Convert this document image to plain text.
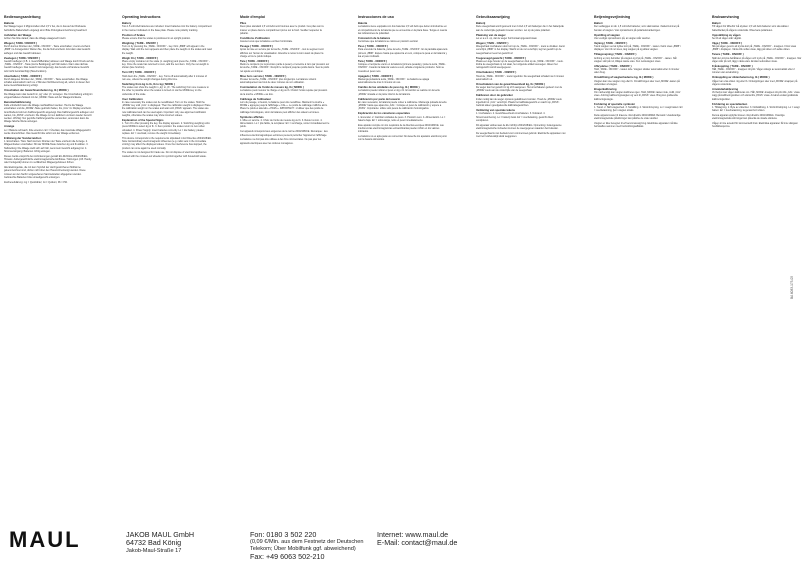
Bedienungsanleitung
Batterie
Der Waage liegen 2 Mignonzellen AAA 1,5 V bei, die in das auf der Rückseite befindliche Batteriefach eingelegt sind. Bitte Polungskennzeichnung beachten!
Aufstellen der Waage
Achten Sie bitte darauf, dass die Waage waagerecht steht.
Wiegen ( TARE / ON/OFF )
Durch kurzes Drücken der „TARE - ON/OFF“ - Taste einschalten; zuerst erscheint „8888“ im Anzeigenfeld. Warten Sie, bis die Null erscheint. Erst dann das Gewicht auflegen und das Gewicht ablesen.
Zuwiegen ( TARE / ON/OFF )
Gewicht auflegen (z.B. 1. Gewicht/Behälter) ablesen und Waage durch Druck auf die „TARE - ON/OFF“ - Taste (kurze Betätigung) auf Null stellen. Dann das nächste Gewicht auflegen. Das Gewicht wird angezeigt, das bereits vorhandene Gewicht wird nicht berücksichtigt (Tara-Funktion).
Abschalten ( TARE - ON/OFF )
Durch längeres Drücken der „TARE - ON/OFF“ - Taste ausschalten. Die Waage schaltet automatisch nach ca. 2 Minuten Nichtbenutzung ab, sofern in dieser Zeit keine Gewichtsänderung erfolgt.
Umschalten der Gewichtseinheiten kg, lb ( MODE )
Die Waage kann das Gewicht in „kg“ oder „lb“ anzeigen. Die Umschaltung erfolgt im eingeschalteten Zustand mit der „MODE“-Taste auf der Waagenrückseite.
Benutzerkalibrierung
Falls erforderlich kann die Waage nachkalibriert werden. Hierzu die Waage einschalten und die „MODE“-Taste gedrückt halten, bis „CAL“ im Display erscheint. Anschließend wird ein Kalibriergewicht angezeigt. Das Kalibriergewicht auflegen und warten, bis „PASS“ erscheint. Die Waage ist nun kalibriert und kann wieder benutzt werden. Wichtig: Nur geprüfte Kalibriergewichte verwenden, ansonsten kann die Waage falsche Werte anzeigen.
Anzeige
Lo = Batterie schwach, bitte ersetzen. Err = Überlast, das maximale Wägegewicht wurde überschritten. Das Gewicht bitte sofort von der Waage entfernen.
Erklärung der Sonderzeichen
1. Einschalten / Tara: Nach kurzem Drücken der Taste erscheint die Anzeige. 2. Wägeeinheiten umschalten: Mit der MODE-Taste zwischen kg und lb wählen. 3. Nullstellung: Die Waage stellt sich auf Null, wenn kein Gewicht aufgelegt ist. 4. Stromversorgung: Batterien richtig einlegen.
Dieses Gerät entspricht den Anforderungen gemäß EU-Richtlinie 2004/108/EG. Hinweis: Außergewöhnliche elektromagnetische Einflüsse / Störungen (z.B. Handy oder Funkgerät) können zu verfälschten Wägeergebnissen führen.
Alle Elektrogeräte, die mit dem Symbol der durchgestrichenen Mülltonne gekennzeichnet sind, dürfen nicht über den Hausmüll entsorgt werden. Diese müssen an den hierfür vorgesehenen Sammelstellen abgegeben werden. Gebrauchte Batterien bitte umweltgerecht entsorgen.
Zeichenerklärung: mg = Quotzähler; Gt = Quittum; Pk = Pfd.
Operating Instructions
Battery
Two 1.5 volt AAA batteries are included. Insert batteries into the battery compartment in the manner indicated on the base plate. Please note polarity marking.
Position of Scales
Please ensure that the scales is positioned in an upright position.
Weighing ( TARE - ON/OFF )
Turn on by pressing the „TARE - ON/OFF“ - key. First „8888“ will appear in the display. Wait until the zero appears and then place the weight on the scales and read the weight.
Weigh On ( TARE - ON/OFF )
Place empty container on the scale (1. weighing) and press the „TARE - ON/OFF“ - key. Once the scale has returned to zero, add the next item. Only the net weight is shown (tare function).
Turn Off ( TARE - ON/OFF )
Hold down the „TARE - ON/OFF“ - key. Turns off automatically after 2 minutes of non-use, unless the weight changes during this time.
Switching from kg to lb, lb to kg ( MODE )
The scales can show the weight in „kg“ or „lb“. The switching from one measure to the other is possible when the scales is turned on via the MODE key on the underside of the scale.
User Calibration
In case necessary the scales can be recalibrated. Turn on the scales. Hold the „MODE“ key until „CAL“ is displayed. Then the calibration weight is displayed. Place the calibration weight on the scales and wait until „PASS“ appears. The scales are now calibrated and can be used again. Important: only use approved calibration weights, otherwise the scales may show incorrect values.
Explanation of the Special Signs
1. Turn On: After pressing the key, the display appears. 2. Switching weighing units: press MODE to select kg or lb. 3. Zero position: the scales return to zero when unloaded. 4. Power Supply: insert batteries correctly. Lo = low battery, please replace. Err = overload, remove the weight immediately.
This device corresponds to the requirements stipulated in EU Directive 2004/108/EC. Note: Extraordinary electromagnetic influences (e.g. radio sets in the immediate vicinity) may affect the displayed values. Once the interference has stopped, the product can once again be used normally.
The scales is not designed for trade use. Do not dispose of electrical appliances marked with the crossed-out wheelie bin symbol together with household waste.
Mode d'emploi
Piles
Deux piles standard 1,5 volt AAA sont fournies avec le produit. Ces piles sont à insérer en place dans le compartiment prévu sur le fond. Veuillez respecter la polarité.
Conditions d'utilisation
Assurez-vous que la balance est bien horizontale.
Pesage ( TARE - ON/OFF )
Après la mise en service par la touche „TARE - ON/OFF“ - tout le segment sont affichés sur l'écran de visualisation. Attendre le retour à zéro avant de placer la charge et lire le poids indiqué.
Tare ( TARE - ON/OFF )
Mettre le récipient (ou la première partie à peser) et remettre à zéro par pression sur la touche „TARE - ON/OFF“. Remplir le récipient jusqu'au poids désiré. Seul le poids net ajouté est indiqué.
Mise hors service ( TARE - ON/OFF )
Presser la touche „TARE - ON/OFF“ plus longtemps. La balance s'éteint automatiquement au bout de deux minutes de non utilisation.
Commutation de l'unité de mesure kg, lb ( MODE )
La balance peut mesurer la charge en kg ou lb. Choisir l'unité requise par pression de la touche « MODE » au dos.
Calibrage de l'utilisateur
Lors du pesage, si besoin, la balance peut être recalibrée. Maintenir la touche « MODE » appuyée jusqu'à l'affichage « CAL ». Le poids de calibrage s'affiche alors. Placer le poids et attendre « PASS ». IMPORTANT : n'utiliser que des poids de calibrage homologués, sinon la balance peut afficher des valeurs erronées.
Symboles affichés
1. Mise en service. 2. Choix de l'unité de mesure kg ou lb. 3. Retour à zéro. 4. Alimentation. Lo = pile faible, la remplacer. Err = surcharge, retirer immédiatement le poids.
Cet appareil correspond aux exigences de la norme 2004/108/CE. Remarque : des influences électromagnétiques extrêmes peuvent perturber l'appareil et l'affichage.
La balance ne doit pas être utilisée à des fins commerciales. Ne pas jeter les appareils électriques avec les ordures ménagères.
Instrucciones de uso
Batería
La balanza viene equipada con dos baterías 1,5 volt AAA que deben introducirse en el compartimiento de la batería que se encuentra en la placa base. Tenga en cuenta las indicaciones de polaridad.
Colocación de la balanza
Cerciórese que la balanza se coloca en posición vertical.
Peso ( TARE - ON/OFF )
Para encender la balanza, pulse la tecla „TARE - ON/OFF“. En la pantalla aparecerá primero „8888“. Espere hasta que aparezca el cero, coloque la pesa en la balanza y lea el peso indicado.
Tara ( TARE - ON/OFF )
Coloque el recipiente vacío en la balanza (primera pesada) y pulse la tecla „TARE - ON/OFF“. Cuando la balanza vuelva a cero, añada el siguiente producto. Solo se muestra el peso neto.
Apagado ( TARE - ON/OFF )
Mantenga pulsada la tecla „TARE - ON/OFF“. La balanza se apaga automáticamente tras 2 minutos sin uso.
Cambio de las unidades de peso kg, lb ( MODE )
La balanza puede indicar el peso en kg o lb. El cambio se realiza con la tecla „MODE“ situada en la parte inferior de la balanza.
Calibración por parte del usuario
En caso necesario, la balanza puede volver a calibrarse. Mantenga pulsada la tecla „MODE“ hasta que aparezca „CAL“. Coloque el peso de calibración y espere a „PASS“. Importante: utilice solo pesos de calibración homologados.
Explicación de los caracteres especiales
1. Encender. 2. Cambiar unidades de peso. 3. Posición cero. 4. Alimentación. Lo = batería baja. Err = sobrecarga, retire el peso inmediatamente.
Este aparato cumple con los requisitos de la directiva europea 2004/108/CE. Las interferencias electromagnéticas extraordinarias pueden influir en los valores indicados.
La balanza no es apta para uso comercial. No deseche los aparatos eléctricos junto con la basura doméstica.
Gebruiksaanwijzing
Batterij
Deze weegschaal wordt geleverd met 2 AAA 1,5 volt batterijen die in het batterijvak aan de onderzijde geplaatst moeten worden. Let op de juiste polariteit.
Plaatsing van de weger
Let er a.u.b. op, dat de weger horizontaal opgesteld staat.
Wegen ( TARE - ON/OFF )
Weegschaal inschakelen door kort op de „TARE - ON/OFF“ - toets te drukken. Eerst verschijnt „8888“ in het display. Wacht tot de nul verschijnt, leg het gewicht op de weegschaal en lees het gewicht af.
Toegevoegd gewicht ( TARE - ON/OFF )
Plaats een lege houder op de weegschaal en druk op de „TARE - ON/OFF“ - toets. Zodra de weegschaal op nul staat, het volgende artikel toevoegen. Alleen het nettogewicht wordt weergegeven.
Uitschakelen ( TARE - ON/OFF )
Houd de „TARE - ON/OFF“ - toets ingedrukt. De weegschaal schakelt na 2 minuten automatisch uit.
Omschakelen van de gewichtseenheid kg, lb ( MODE )
De weger kan het gewicht in kg of lb aangeven. Het omschakelen gebeurt met de „MODE“-toets aan de onderzijde van de weegschaal.
Kalibreren door de gebruiker
Indien nodig kan de weger opnieuw gekalibreerd worden. Houd de „MODE“-toets ingedrukt tot „CAL“ verschijnt. Plaats het kalibratiegewicht en wacht op „PASS“. Gebruik alleen goedgekeurde kalibratiegewichten.
Verklaring van speciale tekens
1. Inschakelen. 2. Gewichtseenheid omschakelen. 3. Nulstand. 4. Stroomvoorziening. Lo = batterij zwak. Err = overbelasting, gewicht direct verwijderen.
Dit apparaat voldoet aan de EU-richtlijn 2004/108/EG. Opmerking: buitengewone elektromagnetische invloeden kunnen de weergegeven waarden beïnvloeden.
De weegschaal is niet bedoeld voor commercieel gebruik. Elektrische apparaten niet met het huishoudelijk afval weggooien.
Betjeningsvejledning
Batteri
Der vedlægges to stk. 1,5 volt AAA batterier, som skal isættes i batterirummet på bunden af vægten. Vær opmærksom på polaritetsmarkeringen.
Opstilling af vægten
Vær venligst opmærksom på, at vægten står vandret.
Vejning ( TARE - ON/OFF )
Tænd vægten ved at trykke kort på „TARE - ON/OFF“ - tasten. Først vises „8888“ i displayet. Vent til nul vises, læg vægten på og aflæs vægten.
Tillægsvejning ( TARE - ON/OFF )
Anbring en tom beholder på vægten og tryk på „TARE - ON/OFF“ - tasten. Når vægten står på nul, tilføjes næste vare. Kun nettovægten vises.
Afbrydelse ( TARE - ON/OFF )
Hold „TARE - ON/OFF“ - tasten inde. Vægten slukker automatisk efter 2 minutter uden brug.
Omskiftning af vægtenhederne kg, lb ( MODE )
Vægten kan vise vægten i kg eller lb. Omskiftningen sker med „MODE“-tasten på undersiden af vægten.
Brugerkalibrering
Om nødvendigt kan vægten kalibreres igen. Hold „MODE“-tasten inde, indtil „CAL“ vises. Anbring kalibreringsvægten og vent til „PASS“ vises. Brug kun godkendte kalibreringsvægte.
Forklaring af specielle symboler
1. Tænd. 2. Skift vægtenhed. 3. Nulstilling. 4. Strømforsyning. Lo = svagt batteri. Err = overbelastning, fjern vægten straks.
Dette apparat svarer til kravene i EU-direktiv 2004/108/EF. Bemærk: Usædvanlige elektromagnetiske påvirkninger kan påvirke de viste værdier.
Vægten er ikke beregnet til erhvervsmæssig brug. Elektriske apparater må ikke bortskaffes sammen med husholdningsaffaldet.
Bruksanvisning
Batteri
Till vågen hör tillbehör två stycken 1,5 volt AAA batterier som ska sättas i batterifacket på vågens undersida. Observera polariteten.
Uppställning av vågen
Se till att vågen står vågrätt.
Väga ( TARE - ON/OFF )
Slå på vågen genom att trycka kort på „TARE - ON/OFF“ - knappen. Först visas „8888“ i displayen. Vänta tills nollan visas, lägg på vikten och avläs vikten.
Tarera ( TARE - ON/OFF )
Ställ den tomma behållaren på vågen och tryck på „TARE - ON/OFF“ - knappen. När vågen står på noll, lägg i nästa vara. Endast nettovikten visas.
Frånkoppling ( TARE - ON/OFF )
Håll „TARE - ON/OFF“ - knappen intryckt. Vågen stängs av automatiskt efter 2 minuter utan användning.
Omkoppling av viktenheterna kg, lb ( MODE )
Vågen kan visa vikten i kg eller lb. Omkopplingen sker med „MODE“-knappen på vågens undersida.
Användarkalibrering
Vid behov kan vågen kalibreras om. Håll „MODE“-knappen intryckt tills „CAL“ visas. Lägg på kalibreringsvikten och vänta tills „PASS“ visas. Använd endast godkända kalibreringsvikter.
Förklaring av specialtecken
1. Tillslagning. 2. Byte av viktenhet. 3. Nollställning. 4. Strömförsörjning. Lo = svagt batteri. Err = överbelastning, ta genast bort vikten.
Denna apparat uppfyller kraven i EU-direktiv 2004/108/EG. Ovanliga elektromagnetiska störningar kan påverka de visade värdena.
Vågen är inte avsedd för kommersiellt bruk. Elektriska apparater får inte slängas i hushållssoporna.
BA 6083-173-05
MAUL	JAKOB MAUL GmbH
64732 Bad König
Jakob-Maul-Straße 17
Fon: 0180 3 502 220
(0,09 €/Min. aus dem Festnetz der Deutschen Telekom; Über Mobilfunk ggf. abweichend)
Fax: +49 6063 502-210
Internet: www.maul.de
E-Mail: contact@maul.de
